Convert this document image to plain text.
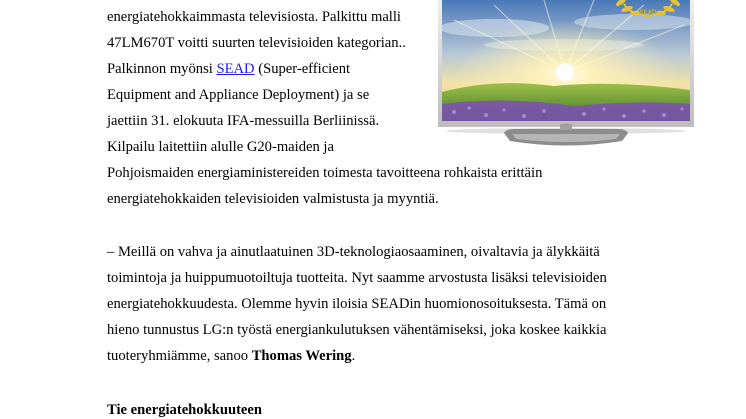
energiatehokkaimmasta televisiosta. Palkittu malli
47LM670T voitti suurten televisioiden kategorian..
Palkinnon myönsi SEAD (Super-efficient
Equipment and Appliance Deployment) ja se
jaettiin 31. elokuuta IFA-messuilla Berliinissä.
Kilpailu laitettiin alulle G20-maiden ja
Pohjoismaiden energiaministereiden toimesta tavoitteena rohkaista erittäin
energiatehokkaiden televisioiden valmistusta ja myyntiä.
– Meillä on vahva ja ainutlaatuinen 3D-teknologiaosaaminen, oivaltavia ja älykkäitä
toimintoja ja huippumuotoiltuja tuotteita. Nyt saamme arvostusta lisäksi televisioiden
energiatehokkuudesta. Olemme hyvin iloisia SEADin huomionosoituksesta. Tämä on
hieno tunnustus LG:n työstä energiankulutuksen vähentämiseksi, joka koskee kaikkia
tuoteryhmiämme, sanoo Thomas Wering.
Tie energiatehokkuuteen
SEAD
